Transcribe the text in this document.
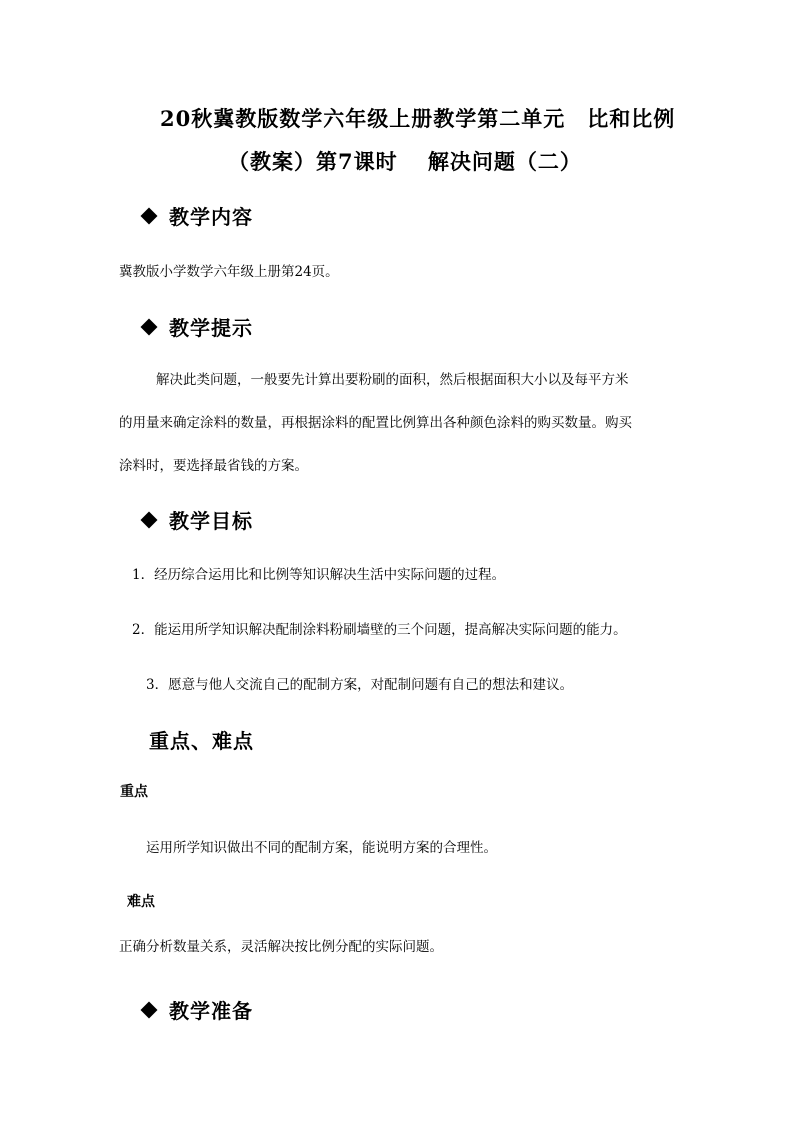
20秋冀教版数学六年级上册教学第二单元　比和比例
（教案）第7课时　 解决问题（二）
教学内容
冀教版小学数学六年级上册第24页。
教学提示
解决此类问题，一般要先计算出要粉刷的面积，然后根据面积大小以及每平方米
的用量来确定涂料的数量，再根据涂料的配置比例算出各种颜色涂料的购买数量。购买
涂料时，要选择最省钱的方案。
教学目标
1．经历综合运用比和比例等知识解决生活中实际问题的过程。
2．能运用所学知识解决配制涂料粉刷墙壁的三个问题，提高解决实际问题的能力。
3．愿意与他人交流自己的配制方案，对配制问题有自己的想法和建议。
重点、难点
重点
运用所学知识做出不同的配制方案，能说明方案的合理性。
难点
正确分析数量关系，灵活解决按比例分配的实际问题。
教学准备
